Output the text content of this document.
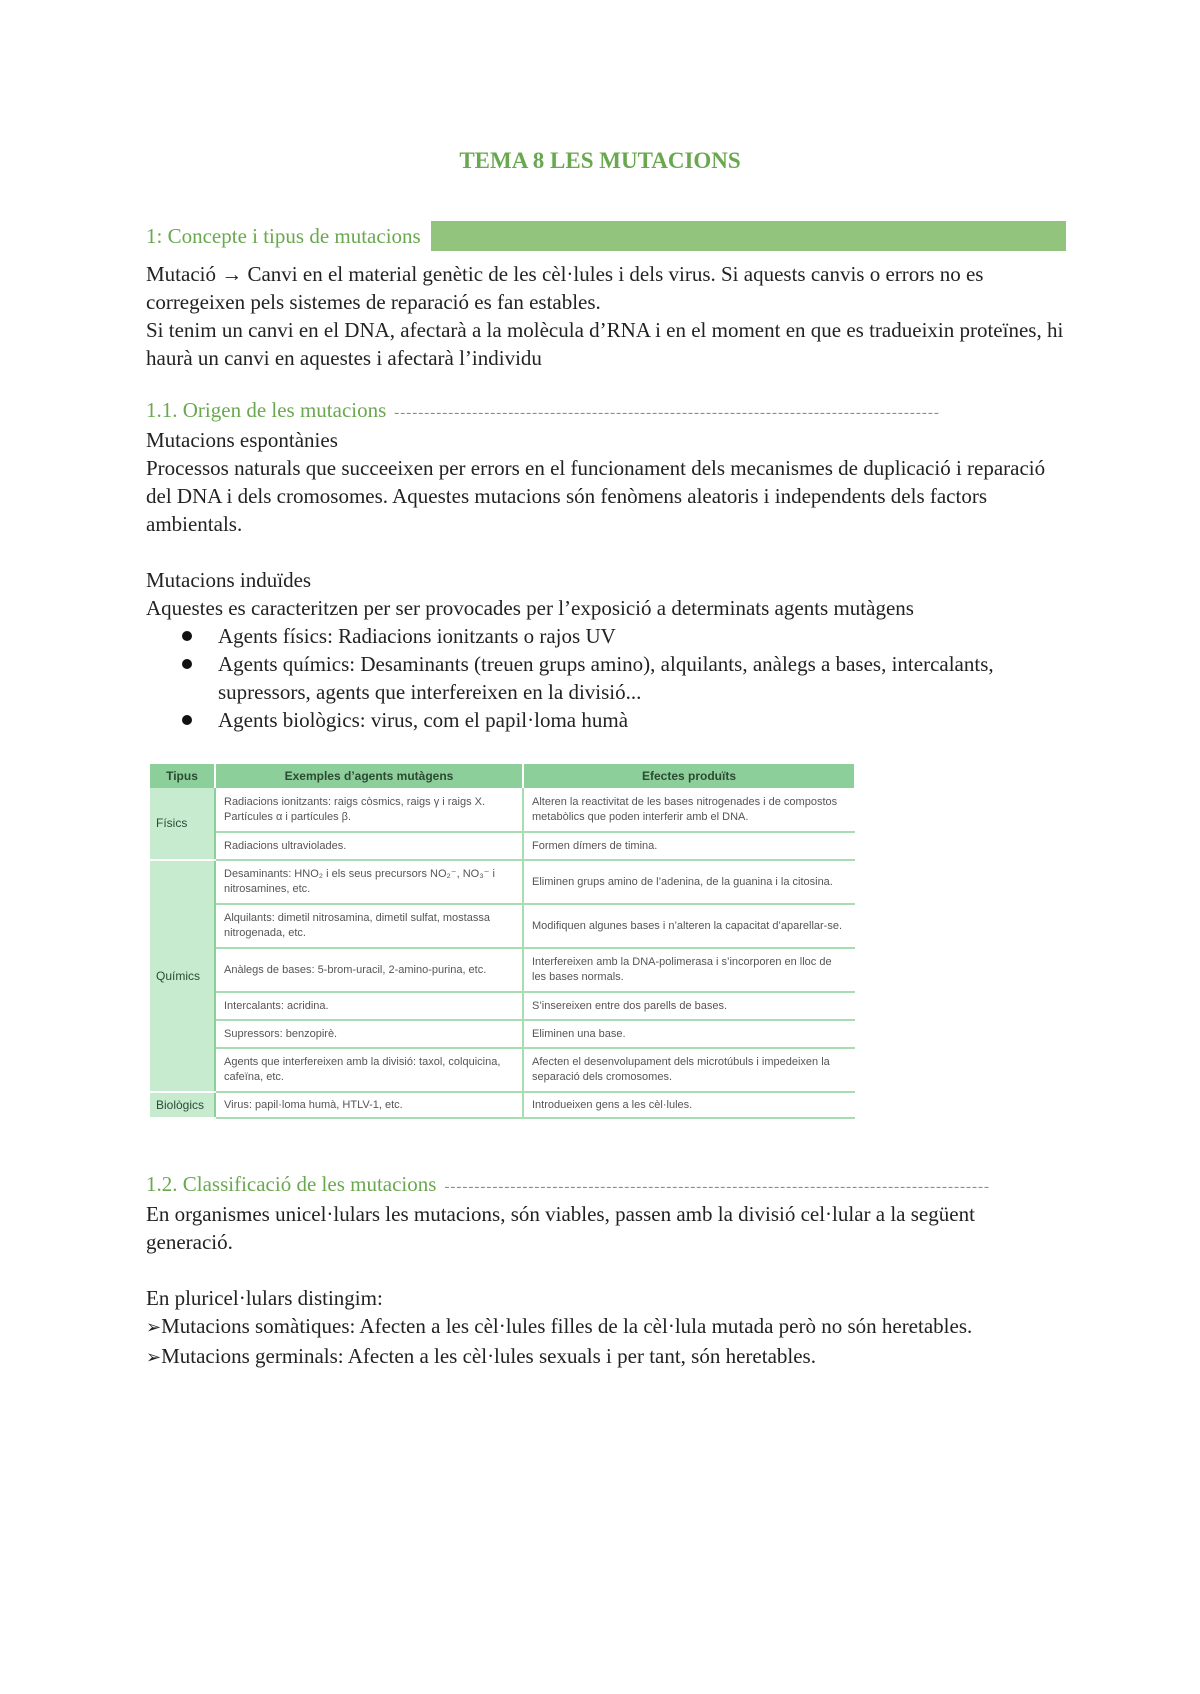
TEMA 8 LES MUTACIONS
1: Concepte i tipus de mutacions

Mutació → Canvi en el material genètic de les cèl·lules i dels virus. Si aquests canvis o errors no es corregeixen pels sistemes de reparació es fan estables.

Si tenim un canvi en el DNA, afectarà a la molècula d’RNA i en el moment en que es tradueixin proteïnes, hi haurà un canvi en aquestes i afectarà l’individu

1.1. Origen de les mutacions -------------------------------------------------------------------------------------------

Mutacions espontànies

Processos naturals que succeeixen per errors en el funcionament dels mecanismes de duplicació i reparació del DNA i dels cromosomes. Aquestes mutacions són fenòmens aleatoris i independents dels factors ambientals.

Mutacions induïdes

Aquestes es caracteritzen per ser provocades per l’exposició a determinats agents mutàgens

Agents físics: Radiacions ionitzants o rajos UV
Agents químics: Desaminants (treuen grups amino), alquilants, anàlegs a bases, intercalants, supressors, agents que interfereixen en la divisió...
Agents biològics: virus, com el papil·loma humà
Tipus	Exemples d’agents mutàgens	Efectes produïts
Físics	Radiacions ionitzants: raigs còsmics, raigs γ i raigs X. Partícules α i partícules β.	Alteren la reactivitat de les bases nitrogenades i de compostos metabòlics que poden interferir amb el DNA.
	Radiacions ultraviolades.	Formen dímers de timina.
Químics	Desaminants: HNO₂ i els seus precursors NO₂⁻, NO₃⁻ i nitrosamines, etc.	Eliminen grups amino de l’adenina, de la guanina i la citosina.
	Alquilants: dimetil nitrosamina, dimetil sulfat, mostassa nitrogenada, etc.	Modifiquen algunes bases i n’alteren la capacitat d’aparellar-se.
	Anàlegs de bases: 5-brom-uracil, 2-amino-purina, etc.	Interfereixen amb la DNA-polimerasa i s’incorporen en lloc de les bases normals.
	Intercalants: acridina.	S’insereixen entre dos parells de bases.
	Supressors: benzopirè.	Eliminen una base.
	Agents que interfereixen amb la divisió: taxol, colquicina, cafeïna, etc.	Afecten el desenvolupament dels microtúbuls i impedeixen la separació dels cromosomes.
Biològics	Virus: papil·loma humà, HTLV-1, etc.	Introdueixen gens a les cèl·lules.
1.2. Classificació de les mutacions -------------------------------------------------------------------------------------------

En organismes unicel·lulars les mutacions, són viables, passen amb la divisió cel·lular a la següent generació.

En pluricel·lulars distingim:

➢Mutacions somàtiques: Afecten a les cèl·lules filles de la cèl·lula mutada però no són heretables.

➢Mutacions germinals: Afecten a les cèl·lules sexuals i per tant, són heretables.
